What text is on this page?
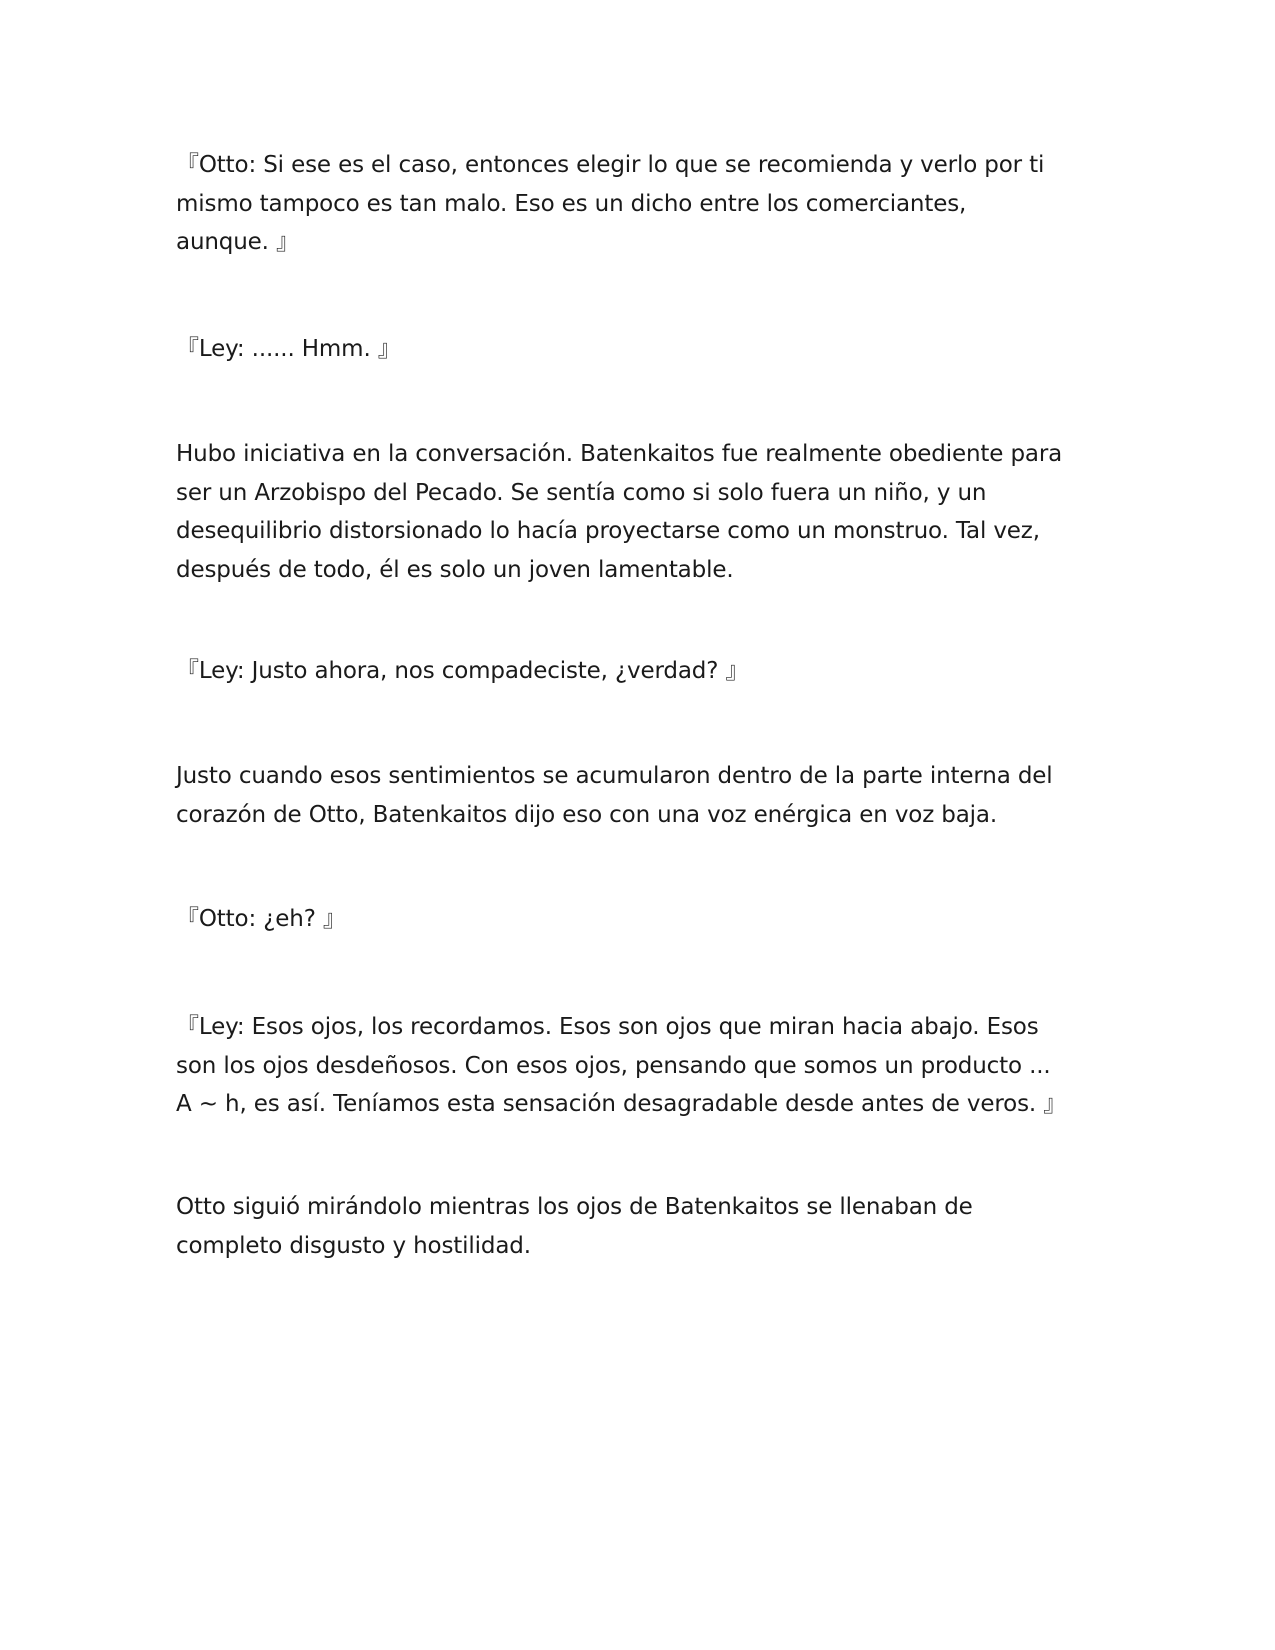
『Otto: Si ese es el caso, entonces elegir lo que se recomienda y verlo por ti
mismo tampoco es tan malo. Eso es un dicho entre los comerciantes,
aunque. 』

『Ley: ...... Hmm. 』

Hubo iniciativa en la conversación. Batenkaitos fue realmente obediente para
ser un Arzobispo del Pecado. Se sentía como si solo fuera un niño, y un
desequilibrio distorsionado lo hacía proyectarse como un monstruo. Tal vez,
después de todo, él es solo un joven lamentable.

『Ley: Justo ahora, nos compadeciste, ¿verdad? 』

Justo cuando esos sentimientos se acumularon dentro de la parte interna del
corazón de Otto, Batenkaitos dijo eso con una voz enérgica en voz baja.

『Otto: ¿eh? 』

『Ley: Esos ojos, los recordamos. Esos son ojos que miran hacia abajo. Esos
son los ojos desdeñosos. Con esos ojos, pensando que somos un producto ...
A ~ h, es así. Teníamos esta sensación desagradable desde antes de veros. 』

Otto siguió mirándolo mientras los ojos de Batenkaitos se llenaban de
completo disgusto y hostilidad.
